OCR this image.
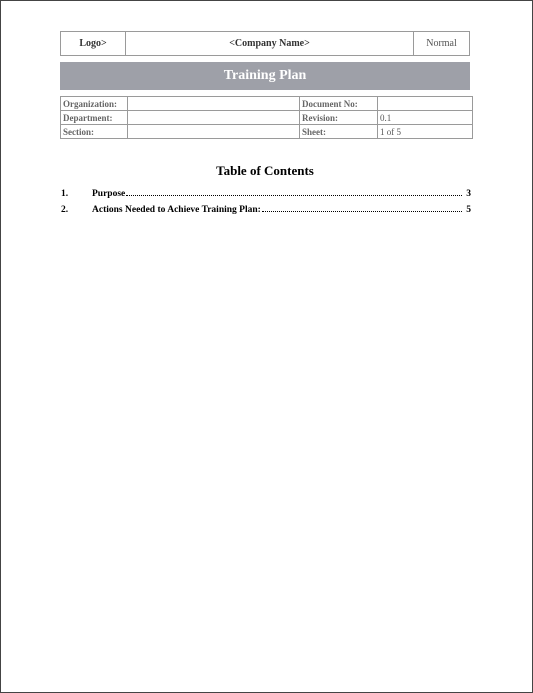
Logo>	<Company Name>	Normal
Training Plan
Organization:		Document No:	
Department:		Revision:	0.1
Section:		Sheet:	1 of 5
Table of Contents
1.	Purpose	3
2.	Actions Needed to Achieve Training Plan:	5
